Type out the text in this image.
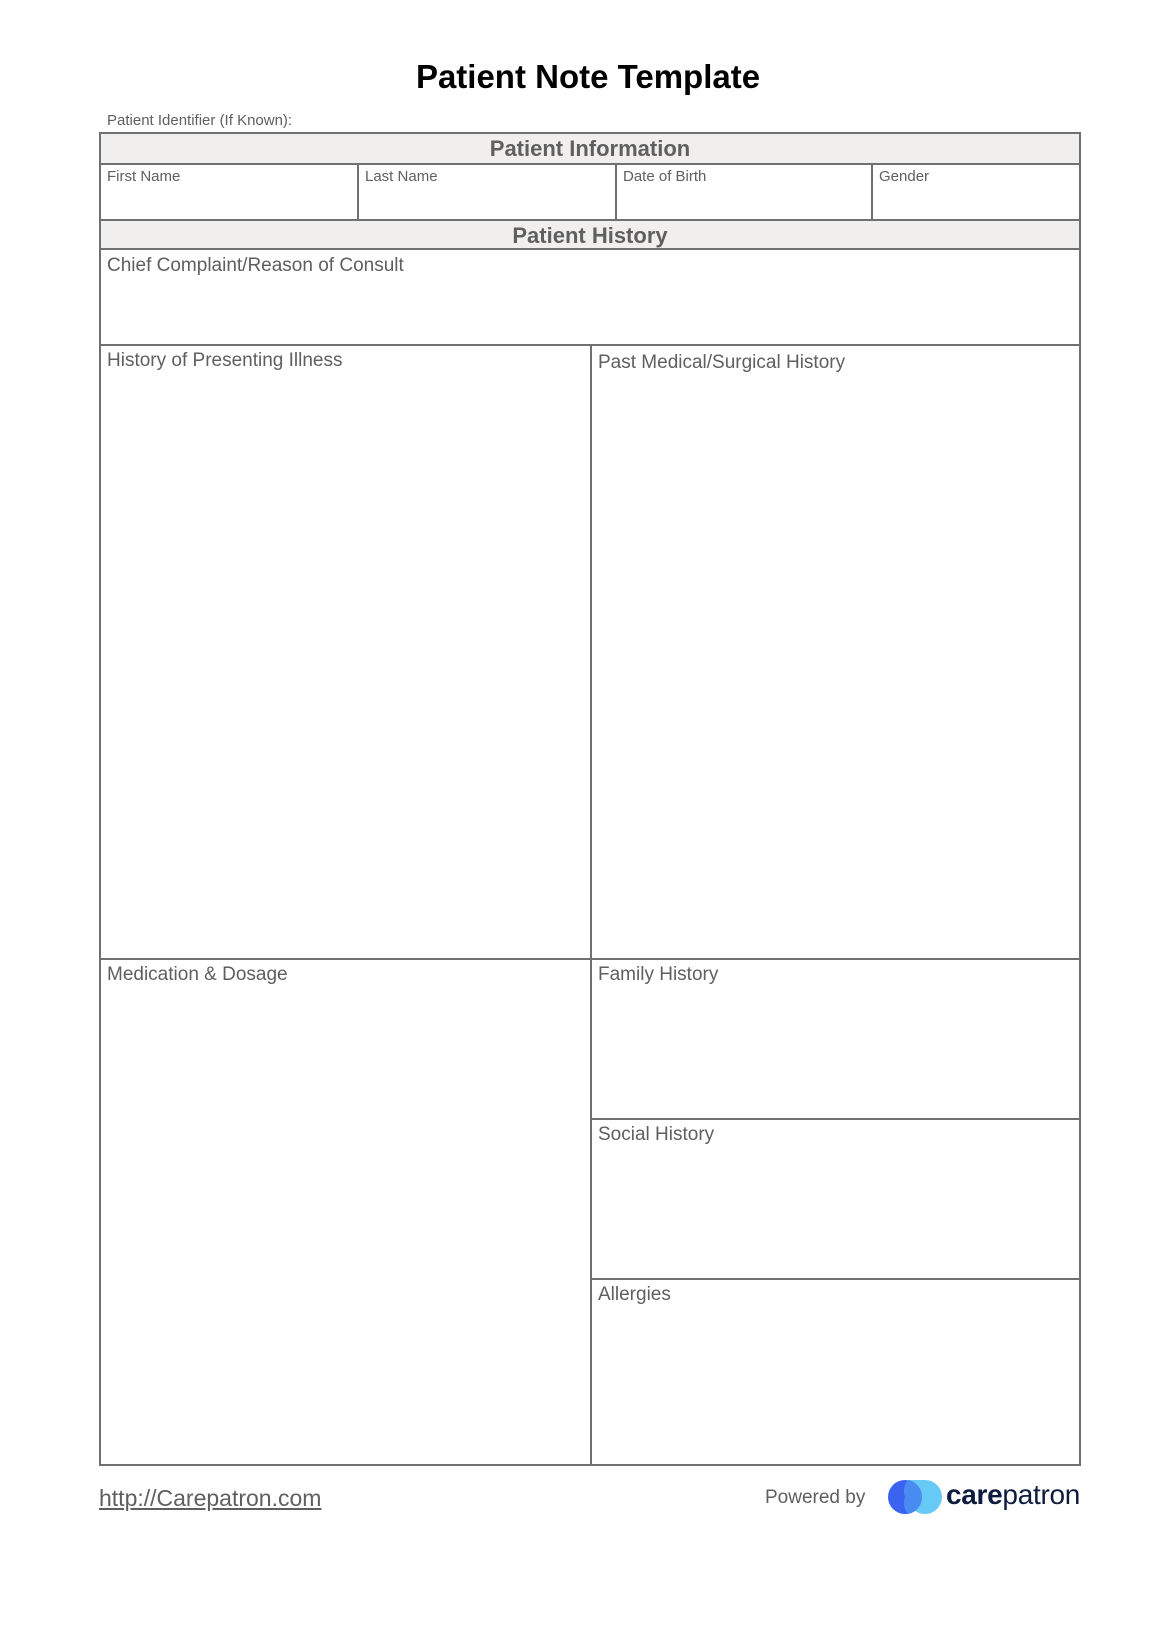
Patient Note Template
Patient Identifier (If Known):
Patient Information
First Name	Last Name	Date of Birth	Gender
Patient History
Chief Complaint/Reason of Consult
History of Presenting Illness	Past Medical/Surgical History
Medication & Dosage	Family History
Social History
Allergies
http://Carepatron.com	Powered by	carepatron
